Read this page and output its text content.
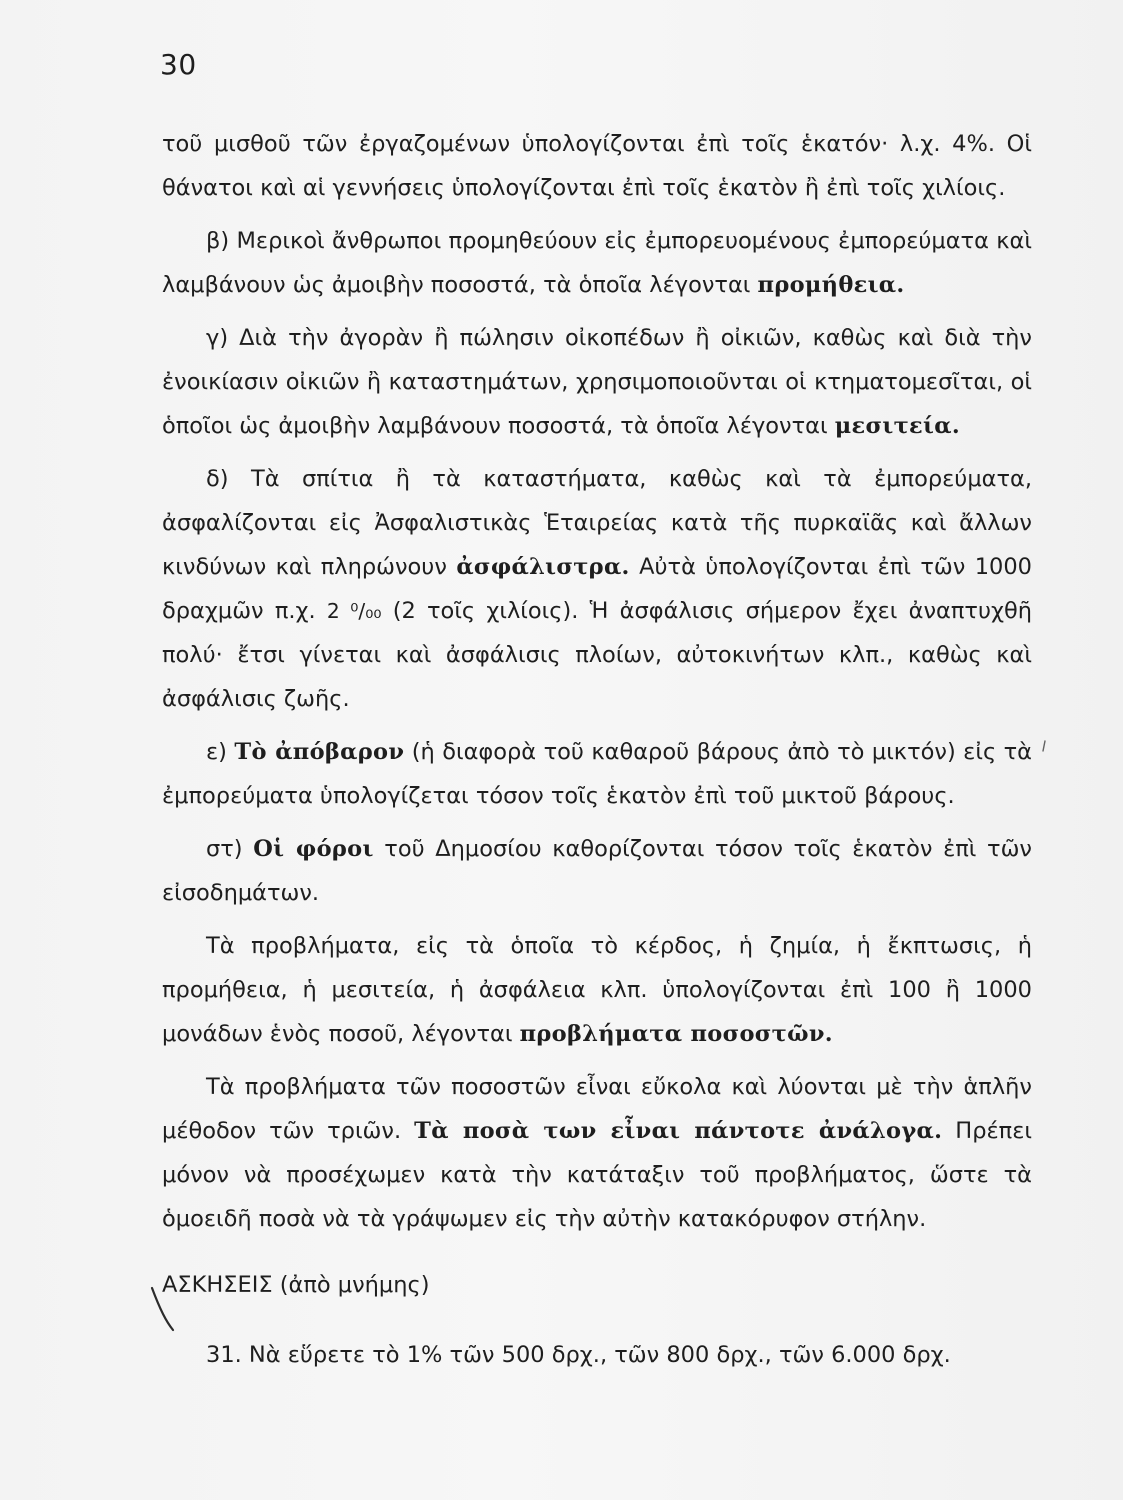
30

τοῦ μισθοῦ τῶν ἐργαζομένων ὑπολογίζονται ἐπὶ τοῖς ἑκατόν· λ.χ. 4%. Οἱ θάνατοι καὶ αἱ γεννήσεις ὑπολογίζονται ἐπὶ τοῖς ἑκατὸν ἢ ἐπὶ τοῖς χιλίοις.

β) Μερικοὶ ἄνθρωποι προμηθεύουν εἰς ἐμπορευομένους ἐμπορεύματα καὶ λαμβάνουν ὡς ἀμοιβὴν ποσοστά, τὰ ὁποῖα λέγονται προμήθεια.

γ) Διὰ τὴν ἀγορὰν ἢ πώλησιν οἰκοπέδων ἢ οἰκιῶν, καθὼς καὶ διὰ τὴν ἐνοικίασιν οἰκιῶν ἢ καταστημάτων, χρησιμοποιοῦνται οἱ κτηματομεσῖται, οἱ ὁποῖοι ὡς ἀμοιβὴν λαμβάνουν ποσοστά, τὰ ὁποῖα λέγονται μεσιτεία.

δ) Τὰ σπίτια ἢ τὰ καταστήματα, καθὼς καὶ τὰ ἐμπορεύματα, ἀσφαλίζονται εἰς Ἀσφαλιστικὰς Ἑταιρείας κατὰ τῆς πυρκαϊᾶς καὶ ἄλλων κινδύνων καὶ πληρώνουν ἀσφάλιστρα. Αὐτὰ ὑπολογίζονται ἐπὶ τῶν 1000 δραχμῶν π.χ. 2 ⁰/₀₀ (2 τοῖς χιλίοις). Ἡ ἀσφάλισις σήμερον ἔχει ἀναπτυχθῆ πολύ· ἔτσι γίνεται καὶ ἀσφάλισις πλοίων, αὐτοκινήτων κλπ., καθὼς καὶ ἀσφάλισις ζωῆς.

ε) Τὸ ἀπόβαρον (ἡ διαφορὰ τοῦ καθαροῦ βάρους ἀπὸ τὸ μικτόν) εἰς τὰ ἐμπορεύματα ὑπολογίζεται τόσον τοῖς ἑκατὸν ἐπὶ τοῦ μικτοῦ βάρους.

στ) Οἱ φόροι τοῦ Δημοσίου καθορίζονται τόσον τοῖς ἑκατὸν ἐπὶ τῶν εἰσοδημάτων.

Τὰ προβλήματα, εἰς τὰ ὁποῖα τὸ κέρδος, ἡ ζημία, ἡ ἔκπτωσις, ἡ προμήθεια, ἡ μεσιτεία, ἡ ἀσφάλεια κλπ. ὑπολογίζονται ἐπὶ 100 ἢ 1000 μονάδων ἑνὸς ποσοῦ, λέγονται προβλήματα ποσοστῶν.

Τὰ προβλήματα τῶν ποσοστῶν εἶναι εὔκολα καὶ λύονται μὲ τὴν ἁπλῆν μέθοδον τῶν τριῶν. Τὰ ποσὰ των εἶναι πάντοτε ἀνάλογα. Πρέπει μόνον νὰ προσέχωμεν κατὰ τὴν κατάταξιν τοῦ προβλήματος, ὥστε τὰ ὁμοειδῆ ποσὰ νὰ τὰ γράψωμεν εἰς τὴν αὐτὴν κατακόρυφον στήλην.

ΑΣΚΗΣΕΙΣ (ἀπὸ μνήμης)

31. Νὰ εὕρετε τὸ 1% τῶν 500 δρχ., τῶν 800 δρχ., τῶν 6.000 δρχ.
